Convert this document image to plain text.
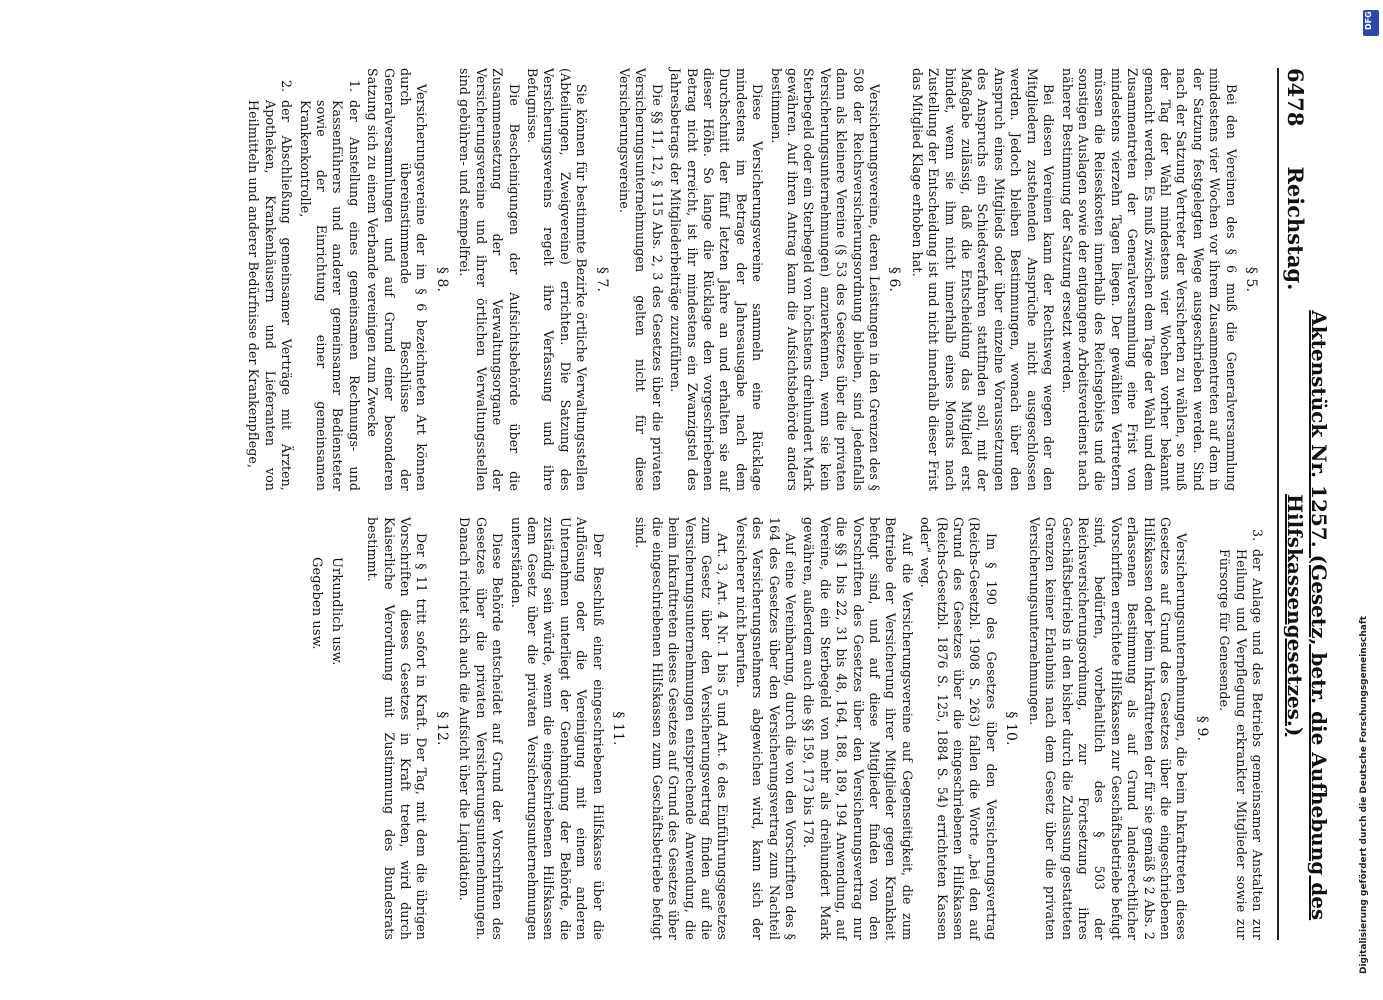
6478
Reichstag.
Aktenstück Nr. 1257. (Gesetz, betr. die Aufhebung des Hilfskassengesetzes.)
§ 5.

Bei den Vereinen des § 6 muß die Generalversammlung mindestens vier Wochen vor ihrem Zusammentreten auf dem in der Satzung festgelegten Wege ausgeschrieben werden. Sind nach der Satzung Vertreter der Versicherten zu wählen, so muß der Tag der Wahl mindestens vier Wochen vorher bekannt gemacht werden. Es muß zwischen dem Tage der Wahl und dem Zusammentreten der Generalversammlung eine Frist von mindestens vierzehn Tagen liegen. Der gewählten Vertretern müssen die Reiseskosten innerhalb des Reichsgebiets und die sonstigen Auslagen sowie der entgangene Arbeitsverdienst nach näherer Bestimmung der Satzung ersetzt werden.

Bei diesen Vereinen kann der Rechtsweg wegen der den Mitgliedern zustehenden Ansprüche nicht ausgeschlossen werden. Jedoch bleiben Bestimmungen, wonach über den Anspruch eines Mitglieds oder über einzelne Voraussetzungen des Anspruchs ein Schiedsverfahren stattfinden soll, mit der Maßgabe zulässig, daß die Entscheidung das Mitglied erst bindet, wenn sie ihm nicht innerhalb eines Monats nach Zustellung der Entscheidung ist und nicht innerhalb dieser Frist das Mitglied Klage erhoben hat.

§ 6.

Versicherungsvereine, deren Leistungen in den Grenzen des § 508 der Reichsversicherungsordnung bleiben, sind jedenfalls dann als kleinere Vereine (§ 53 des Gesetzes über die privaten Versicherungsunternehmungen) anzuerkennen, wenn sie kein Sterbegeld oder ein Sterbegeld von höchstens dreihundert Mark gewähren. Auf ihren Antrag kann die Aufsichtsbehörde anders bestimmen.

Diese Versicherungsvereine sammeln eine Rücklage mindestens im Betrage der Jahresausgabe nach dem Durchschnitt der fünf letzten Jahre an und erhalten sie auf dieser Höhe. So lange die Rücklage den vorgeschriebenen Betrag nicht erreicht, ist ihr mindestens ein Zwanzigstel des Jahresbetrags der Mitgliederbeiträge zuzuführen.

Die §§ 11, 12, § 115 Abs. 2, 3 des Gesetzes über die privaten Versicherungsunternehmungen gelten nicht für diese Versicherungsvereine.

§ 7.

Sie können für bestimmte Bezirke örtliche Verwaltungsstellen (Abteilungen, Zweigvereine) errichten. Die Satzung des Versicherungsvereins regelt ihre Verfassung und ihre Befugnisse.

Die Bescheinigungen der Aufsichtsbehörde über die Zusammensetzung der Verwaltungsorgane der Versicherungsvereine und ihrer örtlichen Verwaltungsstellen sind gebühren- und stempelfrei.

§ 8.

Versicherungsvereine der im § 6 bezeichneten Art können durch übereinstimmende Beschlüsse der Generalversammlungen und auf Grund einer besonderen Satzung sich zu einem Verbande vereinigen zum Zwecke

1.
der Anstellung eines gemeinsamen Rechnungs- und Kassenführers und anderer gemeinsamer Bediensteter sowie der Einrichtung einer gemeinsamen Krankenkontrolle,
2.
der Abschließung gemeinsamer Verträge mit Ärzten, Apotheken, Krankenhäusern und Lieferanten von Heilmitteln und anderer Bedürfnisse der Krankenpflege,
3.
der Anlage und des Betriebs gemeinsamer Anstalten zur Heilung und Verpflegung erkrankter Mitglieder sowie zur Fürsorge für Genesende.
§ 9.

Versicherungsunternehmungen, die beim Inkrafttreten dieses Gesetzes auf Grund des Gesetzes über die eingeschriebenen Hilfskassen oder beim Inkrafttreten der für sie gemäß § 2 Abs. 2 erlassenen Bestimmung als auf Grund landesrechtlicher Vorschriften errichtete Hilfskassen zur Geschäftsbetriebe befugt sind, bedürfen, vorbehaltlich des § 503 der Reichsversicherungsordnung, zur Fortsetzung ihres Geschäftsbetriebs in den bisher durch die Zulassung gestatteten Grenzen keiner Erlaubnis nach dem Gesetz über die privaten Versicherungsunternehmungen.

§ 10.

Im § 190 des Gesetzes über den Versicherungsvertrag (Reichs-Gesetzbl. 1908 S. 263) fallen die Worte „bei den auf Grund des Gesetzes über die eingeschriebenen Hilfskassen (Reichs-Gesetzbl. 1876 S. 125, 1884 S. 54) errichteten Kassen oder“ weg.

Auf die Versicherungsvereine auf Gegenseitigkeit, die zum Betriebe der Versicherung ihrer Mitglieder gegen Krankheit befugt sind, und auf diese Mitglieder finden von den Vorschriften des Gesetzes über den Versicherungsvertrag nur die §§ 1 bis 22, 31 bis 48, 164, 188, 189, 194 Anwendung, auf Vereine, die ein Sterbegeld von mehr als dreihundert Mark gewähren, außerdem auch die §§ 159, 173 bis 178.

Auf eine Vereinbarung, durch die von den Vorschriften des § 164 des Gesetzes über den Versicherungsvertrag zum Nachteil des Versicherungsnehmers abgewichen wird, kann sich der Versicherer nicht berufen.

Art. 3, Art. 4 Nr. 1 bis 5 und Art. 6 des Einführungsgesetzes zum Gesetz über den Versicherungsvertrag finden auf die Versicherungsunternehmungen entsprechende Anwendung, die beim Inkrafttreten dieses Gesetzes auf Grund des Gesetzes über die eingeschriebenen Hilfskassen zum Geschäftsbetriebe befugt sind.

§ 11.

Der Beschluß einer eingeschriebenen Hilfskasse über die Auflösung oder die Vereinigung mit einem anderen Unternehmen unterliegt der Genehmigung der Behörde, die zuständig sein würde, wenn die eingeschriebenen Hilfskassen dem Gesetz über die privaten Versicherungsunternehmungen unterständen.

Diese Behörde entscheidet auf Grund der Vorschriften des Gesetzes über die privaten Versicherungsunternehmungen. Danach richtet sich auch die Aufsicht über die Liquidation.

§ 12.

Der § 11 tritt sofort in Kraft. Der Tag, mit dem die übrigen Vorschriften dieses Gesetzes in Kraft treten, wird durch Kaiserliche Verordnung mit Zustimmung des Bundesrats bestimmt.

Urkundlich usw.
Gegeben usw.
DFG
Digitalisierung gefördert durch die Deutsche Forschungsgemeinschaft
